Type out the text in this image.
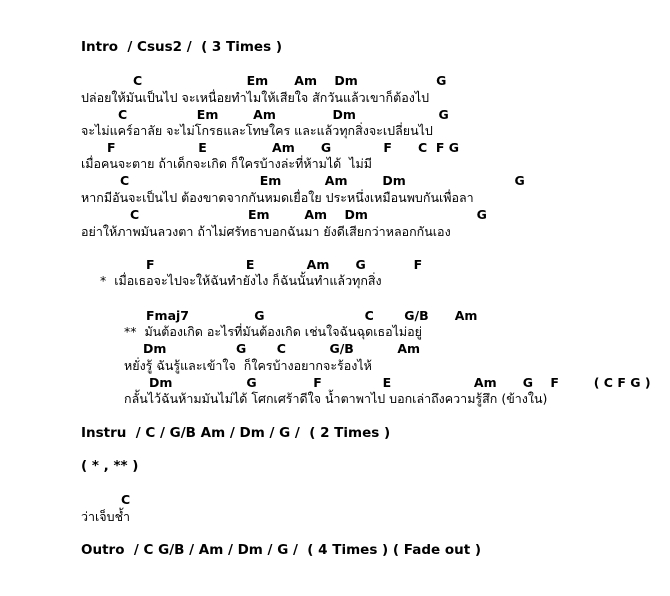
Intro  / Csus2 /  ( 3 Times )
C                        Em      Am    Dm                  G
ปล่อยให้มันเป็นไป จะเหนื่อยทำไมให้เสียใจ สักวันแล้วเขาก็ต้องไป
C                Em        Am             Dm                   G
จะไม่แคร์อาลัย จะไม่โกรธและโทษใคร และแล้วทุกสิ่งจะเปลี่ยนไป
F                   E               Am      G            F      C  F G
เมื่อคนจะตาย ถ้าเด็กจะเกิด ก็ใครบ้างล่ะที่ห้ามได้  ไม่มี
C                              Em          Am        Dm                         G
หากมีอันจะเป็นไป ต้องขาดจากกันหมดเยื่อใย ประหนึ่งเหมือนพบกันเพื่อลา
C                         Em        Am    Dm                         G
อย่าให้ภาพมันลวงตา ถ้าไม่ศรัทธาบอกฉันมา ยังดีเสียกว่าหลอกกันเอง
F                     E            Am      G           F
*  เมื่อเธอจะไปจะให้ฉันทำยังไง ก็ฉันนั้นทำแล้วทุกสิ่ง
Fmaj7               G                       C       G/B      Am
**  มันต้องเกิด อะไรที่มันต้องเกิด เช่นใจฉันฉุดเธอไม่อยู่
Dm                G       C          G/B          Am
หยั่งรู้ ฉันรู้และเข้าใจ  ก็ใครบ้างอยากจะร้องไห้
Dm                 G             F              E                   Am      G    F        ( C F G )
กลั้นไว้ฉันห้ามมันไม่ได้ โศกเศร้าดีใจ น้ำตาพาไป บอกเล่าถึงความรู้สึก (ข้างใน)
Instru  / C / G/B Am / Dm / G /  ( 2 Times )
( * , ** )
C
ว่าเจ็บช้ำ
Outro  / C G/B / Am / Dm / G /  ( 4 Times ) ( Fade out )
